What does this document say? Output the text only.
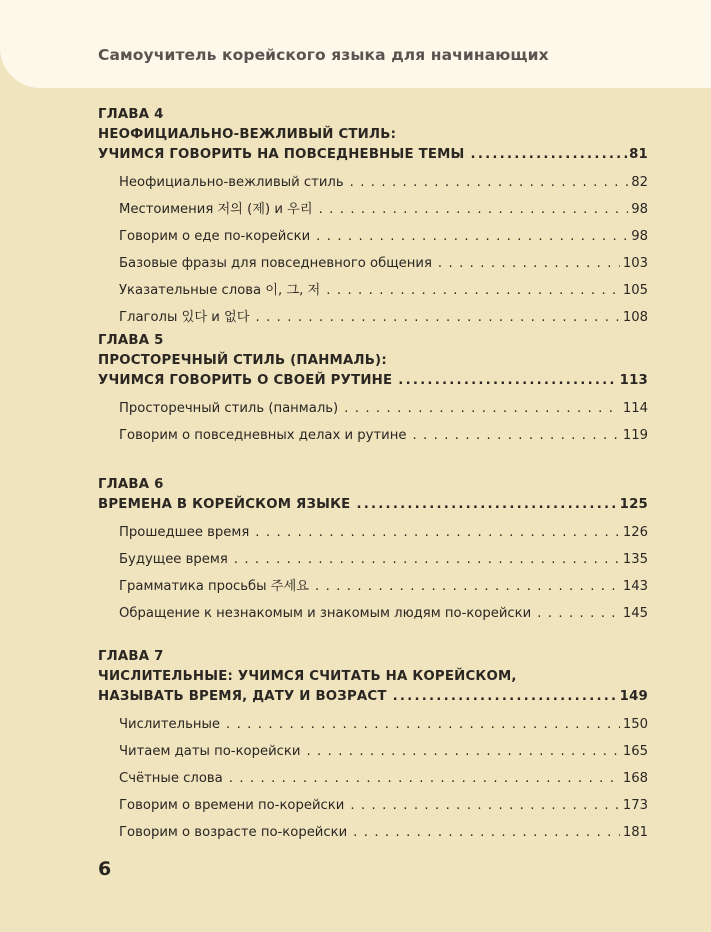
Самоучитель корейского языка для начинающих
ГЛАВА 4
НЕОФИЦИАЛЬНО-ВЕЖЛИВЫЙ СТИЛЬ:
УЧИМСЯ ГОВОРИТЬ НА ПОВСЕДНЕВНЫЕ ТЕМЫ . . .	81
Неофициально-вежливый стиль . . .	82
Местоимения 저의 (제) и 우리 . . .	98
Говорим о еде по-корейски . . .	98
Базовые фразы для повседневного общения . . .	103
Указательные слова 이, 그, 저 . . .	105
Глаголы 있다 и 없다 . . .	108
ГЛАВА 5
ПРОСТОРЕЧНЫЙ СТИЛЬ (ПАНМАЛЬ):
УЧИМСЯ ГОВОРИТЬ О СВОЕЙ РУТИНЕ . . .	113
Просторечный стиль (панмаль) . . .	114
Говорим о повседневных делах и рутине . . .	119
ГЛАВА 6
ВРЕМЕНА В КОРЕЙСКОМ ЯЗЫКЕ . . .	125
Прошедшее время . . .	126
Будущее время . . .	135
Грамматика просьбы 주세요 . . .	143
Обращение к незнакомым и знакомым людям по-корейски . . .	145
ГЛАВА 7
ЧИСЛИТЕЛЬНЫЕ: УЧИМСЯ СЧИТАТЬ НА КОРЕЙСКОМ,
НАЗЫВАТЬ ВРЕМЯ, ДАТУ И ВОЗРАСТ . . .	149
Числительные . . .	150
Читаем даты по-корейски . . .	165
Счётные слова . . .	168
Говорим о времени по-корейски . . .	173
Говорим о возрасте по-корейски . . .	181
6
